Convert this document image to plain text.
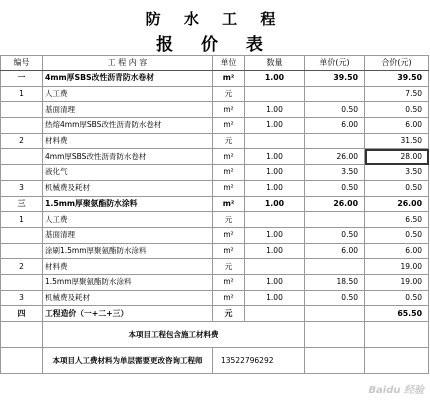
防 水 工 程
报 价 表
编号	工 程 内 容	单位	数量	单价(元)	合价(元)
一	4mm厚SBS改性沥青防水卷材	m²	1.00	39.50	39.50
1	人工费	元			7.50
	基面清理	m²	1.00	0.50	0.50
	热熔4mm厚SBS改性沥青防水卷材	m²	1.00	6.00	6.00
2	材料费	元			31.50
	4mm厚SBS改性沥青防水卷材	m²	1.00	26.00	28.00
	液化气	m²	1.00	3.50	3.50
3	机械费及耗材	m²	1.00	0.50	0.50
三	1.5mm厚聚氨酯防水涂料	m²	1.00	26.00	26.00
1	人工费	元			6.50
	基面清理	m²	1.00	0.50	0.50
	涂刷1.5mm厚聚氨酯防水涂料	m²	1.00	6.00	6.00
2	材料费	元			19.00
	1.5mm厚聚氨酯防水涂料	m²	1.00	18.50	19.00
3	机械费及耗材	m²	1.00	0.50	0.50
四	工程造价（一+二+三）	元			65.50
	本项目工程包含施工材料费				
	本项目人工费材料为单层需要更改咨询工程师	13522796292			
Baidu 经验
